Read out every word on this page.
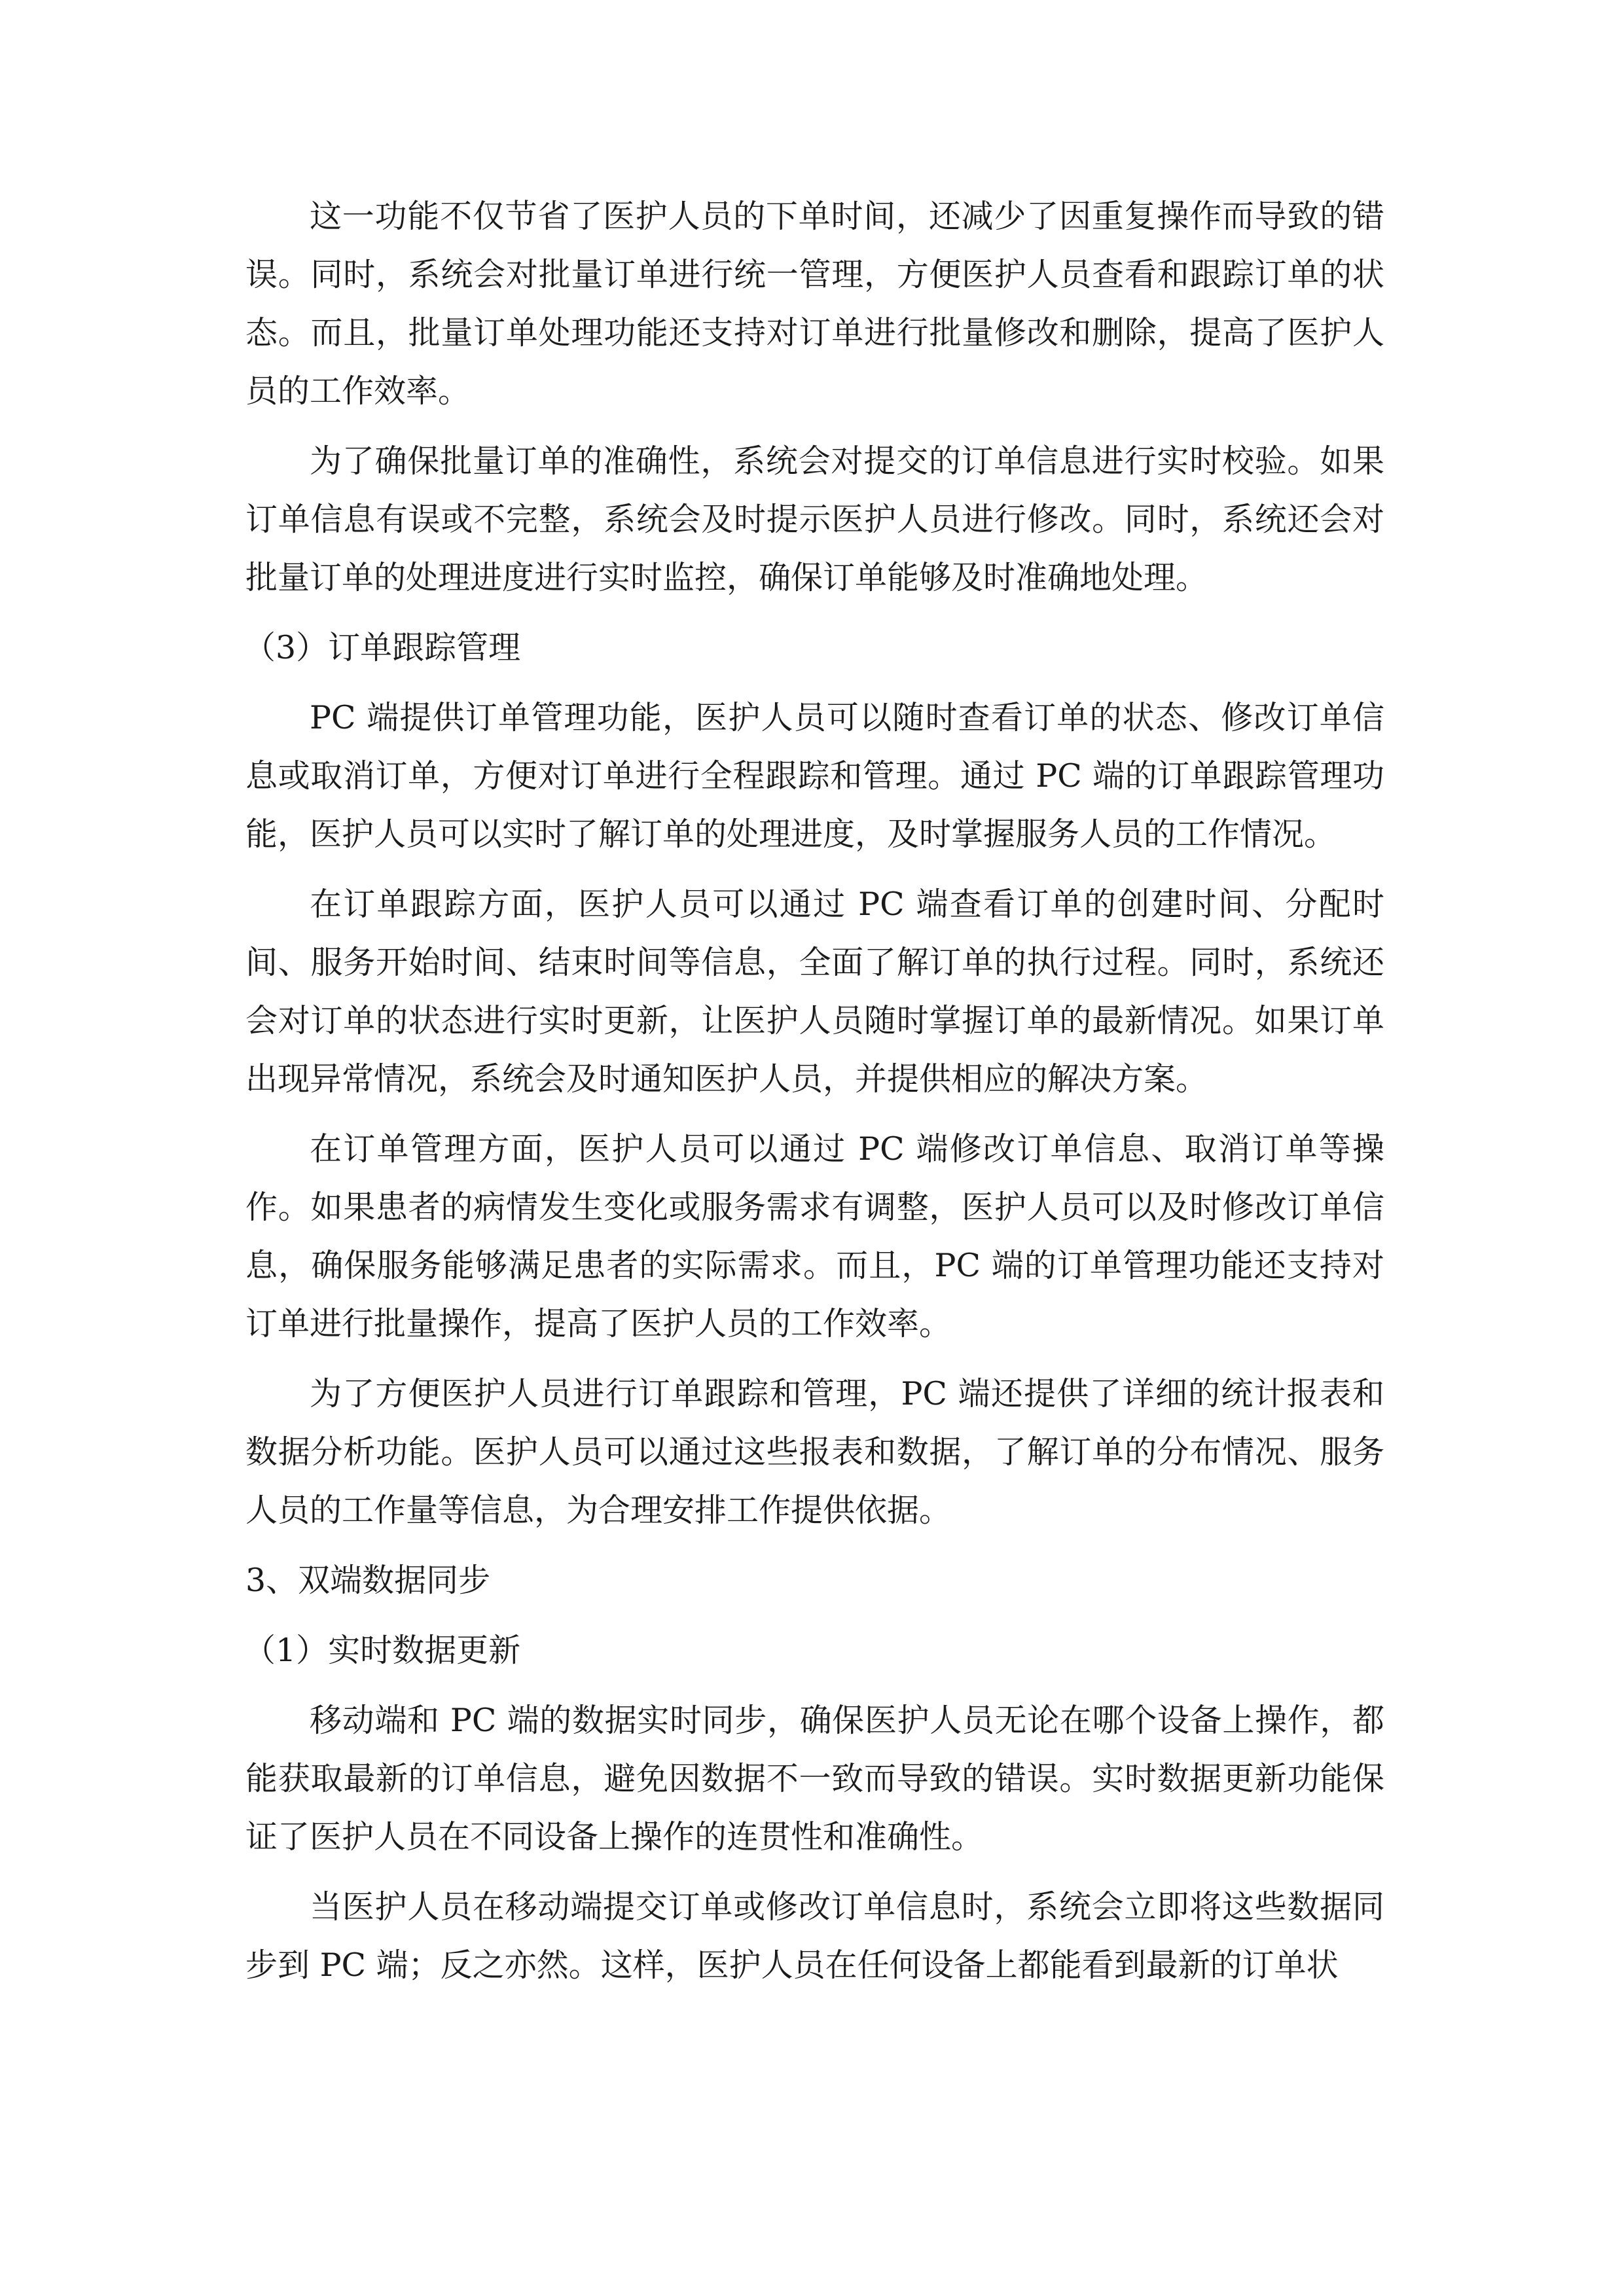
这一功能不仅节省了医护人员的下单时间，还减少了因重复操作而导致的错误。同时，系统会对批量订单进行统一管理，方便医护人员查看和跟踪订单的状态。而且，批量订单处理功能还支持对订单进行批量修改和删除，提高了医护人员的工作效率。

为了确保批量订单的准确性，系统会对提交的订单信息进行实时校验。如果订单信息有误或不完整，系统会及时提示医护人员进行修改。同时，系统还会对批量订单的处理进度进行实时监控，确保订单能够及时准确地处理。

（3）订单跟踪管理

PC 端提供订单管理功能，医护人员可以随时查看订单的状态、修改订单信息或取消订单，方便对订单进行全程跟踪和管理。通过 PC 端的订单跟踪管理功能，医护人员可以实时了解订单的处理进度，及时掌握服务人员的工作情况。

在订单跟踪方面，医护人员可以通过 PC 端查看订单的创建时间、分配时间、服务开始时间、结束时间等信息，全面了解订单的执行过程。同时，系统还会对订单的状态进行实时更新，让医护人员随时掌握订单的最新情况。如果订单出现异常情况，系统会及时通知医护人员，并提供相应的解决方案。

在订单管理方面，医护人员可以通过 PC 端修改订单信息、取消订单等操作。如果患者的病情发生变化或服务需求有调整，医护人员可以及时修改订单信息，确保服务能够满足患者的实际需求。而且，PC 端的订单管理功能还支持对订单进行批量操作，提高了医护人员的工作效率。

为了方便医护人员进行订单跟踪和管理，PC 端还提供了详细的统计报表和数据分析功能。医护人员可以通过这些报表和数据，了解订单的分布情况、服务人员的工作量等信息，为合理安排工作提供依据。

3、双端数据同步

（1）实时数据更新

移动端和 PC 端的数据实时同步，确保医护人员无论在哪个设备上操作，都能获取最新的订单信息，避免因数据不一致而导致的错误。实时数据更新功能保证了医护人员在不同设备上操作的连贯性和准确性。

当医护人员在移动端提交订单或修改订单信息时，系统会立即将这些数据同步到 PC 端；反之亦然。这样，医护人员在任何设备上都能看到最新的订单状
